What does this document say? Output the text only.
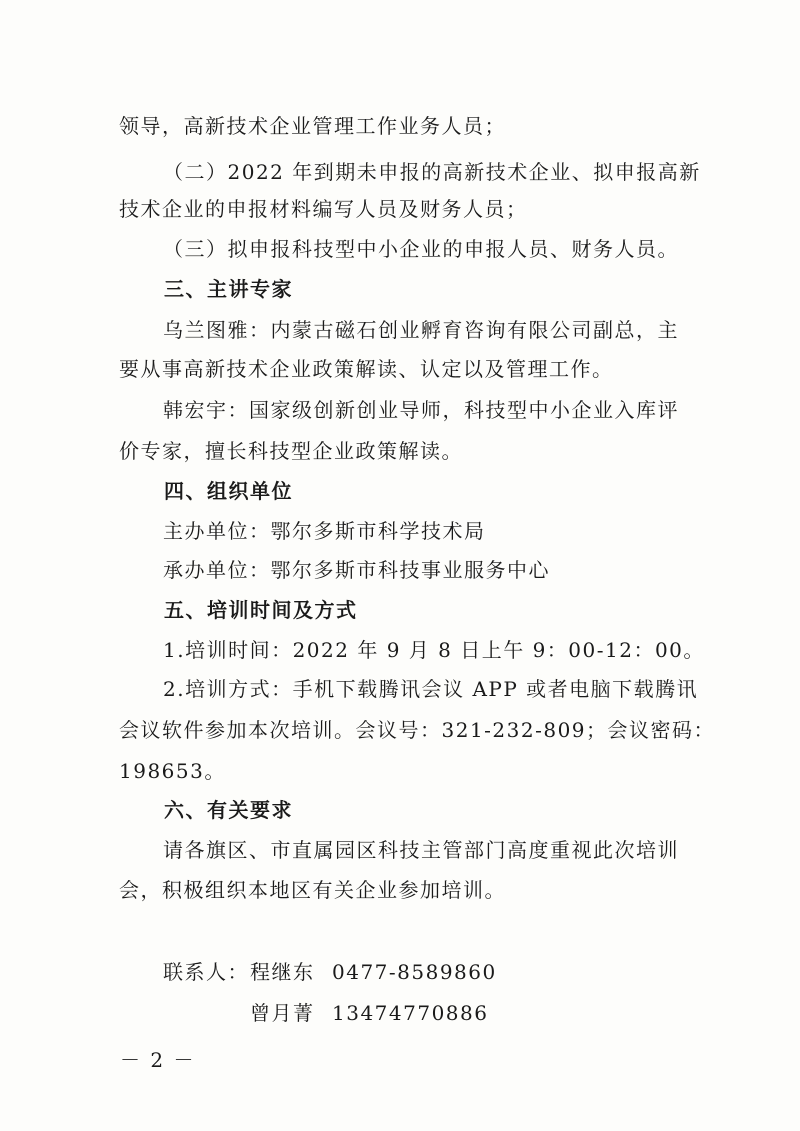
领导，高新技术企业管理工作业务人员；
（二）2022 年到期未申报的高新技术企业、拟申报高新
技术企业的申报材料编写人员及财务人员；
（三）拟申报科技型中小企业的申报人员、财务人员。
三、主讲专家
乌兰图雅：内蒙古磁石创业孵育咨询有限公司副总，主
要从事高新技术企业政策解读、认定以及管理工作。
韩宏宇：国家级创新创业导师，科技型中小企业入库评
价专家，擅长科技型企业政策解读。
四、组织单位
主办单位：鄂尔多斯市科学技术局
承办单位：鄂尔多斯市科技事业服务中心
五、培训时间及方式
1.培训时间：2022 年 9 月 8 日上午 9：00-12：00。
2.培训方式：手机下载腾讯会议 APP 或者电脑下载腾讯
会议软件参加本次培训。会议号：321-232-809；会议密码：
198653。
六、有关要求
请各旗区、市直属园区科技主管部门高度重视此次培训
会，积极组织本地区有关企业参加培训。
联系人： 程继东 0477-8589860
曾月菁 13474770886
－ 2 －
